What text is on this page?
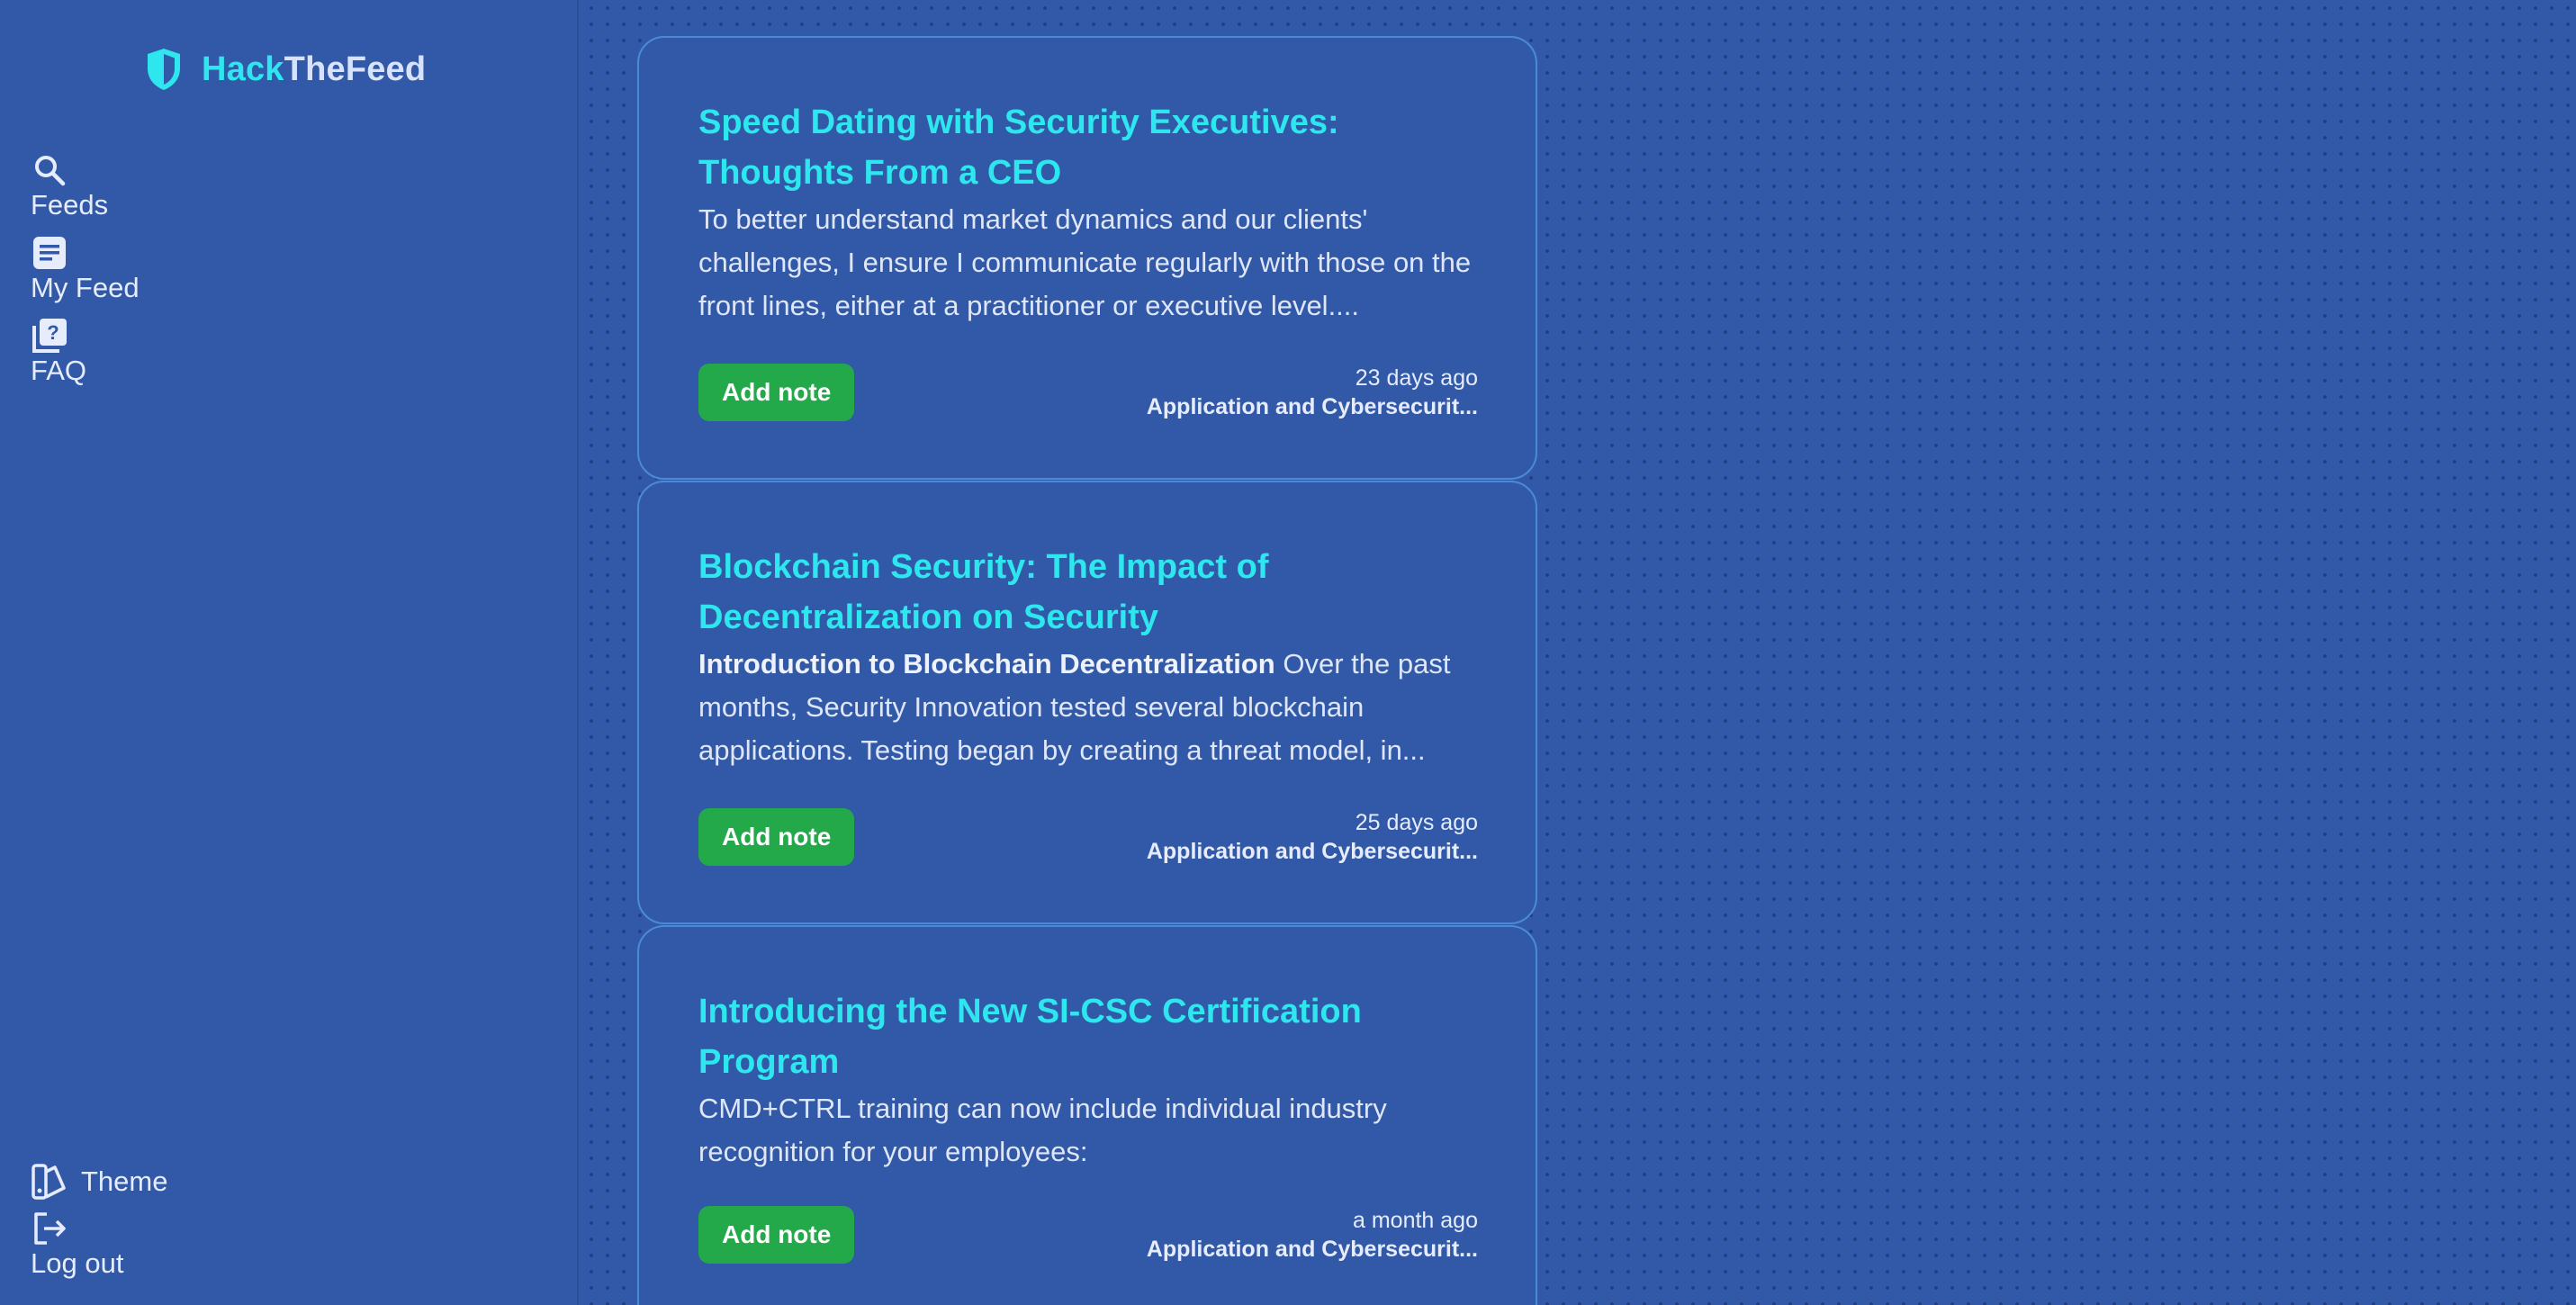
HackTheFeed
Feeds
My Feed
?
FAQ
Theme
Log out
Speed Dating with Security Executives: Thoughts From a CEO
To better understand market dynamics and our clients' challenges, I ensure I communicate regularly with those on the front lines, either at a practitioner or executive level....
Add note	23 days ago
Application and Cybersecurit...
Blockchain Security: The Impact of Decentralization on Security
Introduction to Blockchain Decentralization Over the past months, Security Innovation tested several blockchain applications. Testing began by creating a threat model, in...
Add note	25 days ago
Application and Cybersecurit...
Introducing the New SI-CSC Certification Program
CMD+CTRL training can now include individual industry recognition for your employees:
Add note	a month ago
Application and Cybersecurit...
